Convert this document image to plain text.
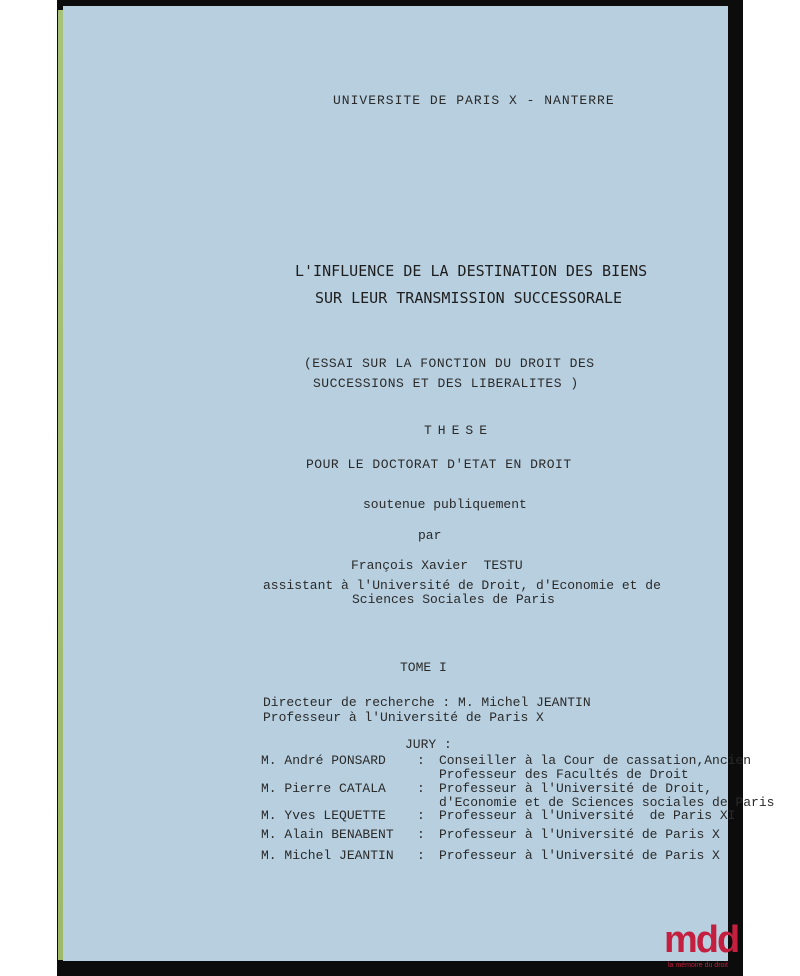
UNIVERSITE DE PARIS X - NANTERRE
L'INFLUENCE DE LA DESTINATION DES BIENS
SUR LEUR TRANSMISSION SUCCESSORALE
(ESSAI SUR LA FONCTION DU DROIT DES
SUCCESSIONS ET DES LIBERALITES )
THESE
POUR LE DOCTORAT D'ETAT EN DROIT
soutenue publiquement
par
François Xavier  TESTU
assistant à l'Université de Droit, d'Economie et de
Sciences Sociales de Paris
TOME I
Directeur de recherche : M. Michel JEANTIN
Professeur à l'Université de Paris X
JURY :
M. André PONSARD : Conseiller à la Cour de cassation,Ancien
Professeur des Facultés de Droit
M. Pierre CATALA : Professeur à l'Université de Droit,
d'Economie et de Sciences sociales de Paris
M. Yves LEQUETTE : Professeur à l'Université  de Paris XI
M. Alain BENABENT : Professeur à l'Université de Paris X
M. Michel JEANTIN : Professeur à l'Université de Paris X
mdd
la mémoire du droit
